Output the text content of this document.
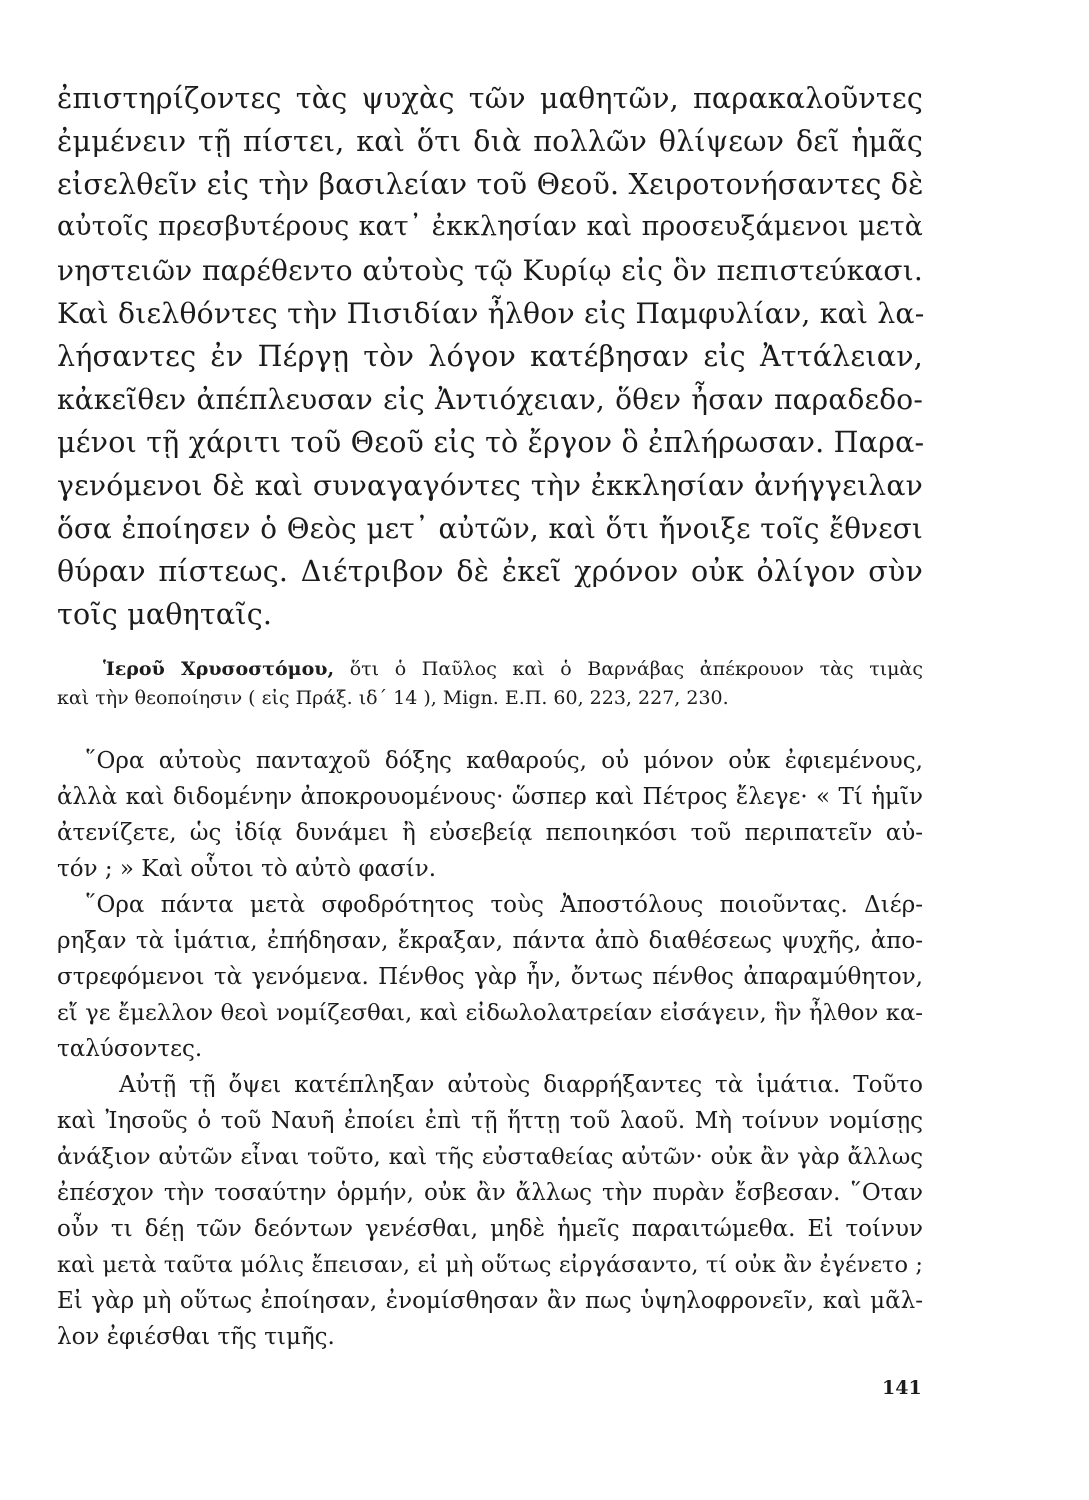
ἐπιστηρίζοντες τὰς ψυχὰς τῶν μαθητῶν, παρακαλοῦντες
ἐμμένειν τῇ πίστει, καὶ ὅτι διὰ πολλῶν θλίψεων δεῖ ἡμᾶς
εἰσελθεῖν εἰς τὴν βασιλείαν τοῦ Θεοῦ. Χειροτονήσαντες δὲ
αὐτοῖς πρεσβυτέρους κατ᾿ ἐκκλησίαν καὶ προσευξάμενοι μετὰ
νηστειῶν παρέθεντο αὐτοὺς τῷ Κυρίῳ εἰς ὃν πεπιστεύκασι.
Καὶ διελθόντες τὴν Πισιδίαν ἦλθον εἰς Παμφυλίαν, καὶ λα-
λήσαντες ἐν Πέργῃ τὸν λόγον κατέβησαν εἰς Ἀττάλειαν,
κἀκεῖθεν ἀπέπλευσαν εἰς Ἀντιόχειαν, ὅθεν ἦσαν παραδεδο-
μένοι τῇ χάριτι τοῦ Θεοῦ εἰς τὸ ἔργον ὃ ἐπλήρωσαν. Παρα-
γενόμενοι δὲ καὶ συναγαγόντες τὴν ἐκκλησίαν ἀνήγγειλαν
ὅσα ἐποίησεν ὁ Θεὸς μετ᾿ αὐτῶν, καὶ ὅτι ἤνοιξε τοῖς ἔθνεσι
θύραν πίστεως. Διέτριβον δὲ ἐκεῖ χρόνον οὐκ ὀλίγον σὺν
τοῖς μαθηταῖς.
Ἱεροῦ Χρυσοστόμου, ὅτι ὁ Παῦλος καὶ ὁ Βαρνάβας ἀπέκρουον τὰς τιμὰς
καὶ τὴν θεοποίησιν ( εἰς Πράξ. ιδ΄ 14 ), Mign. Ε.Π. 60, 223, 227, 230.
῞Ορα αὐτοὺς πανταχοῦ δόξης καθαρούς, οὐ μόνον οὐκ ἐφιεμένους,
ἀλλὰ καὶ διδομένην ἀποκρουομένους· ὥσπερ καὶ Πέτρος ἔλεγε· « Τί ἡμῖν
ἀτενίζετε, ὡς ἰδίᾳ δυνάμει ἢ εὐσεβείᾳ πεποιηκόσι τοῦ περιπατεῖν αὐ-
τόν ; » Καὶ οὗτοι τὸ αὐτὸ φασίν.
῞Ορα πάντα μετὰ σφοδρότητος τοὺς Ἀποστόλους ποιοῦντας. Διέρ-
ρηξαν τὰ ἱμάτια, ἐπήδησαν, ἔκραξαν, πάντα ἀπὸ διαθέσεως ψυχῆς, ἀπο-
στρεφόμενοι τὰ γενόμενα. Πένθος γὰρ ἦν, ὄντως πένθος ἀπαραμύθητον,
εἴ γε ἔμελλον θεοὶ νομίζεσθαι, καὶ εἰδωλολατρείαν εἰσάγειν, ἣν ἦλθον κα-
ταλύσοντες.
Αὐτῇ τῇ ὄψει κατέπληξαν αὐτοὺς διαρρήξαντες τὰ ἱμάτια. Τοῦτο
καὶ Ἰησοῦς ὁ τοῦ Ναυῆ ἐποίει ἐπὶ τῇ ἥττῃ τοῦ λαοῦ. Μὴ τοίνυν νομίσῃς
ἀνάξιον αὐτῶν εἶναι τοῦτο, καὶ τῆς εὐσταθείας αὐτῶν· οὐκ ἂν γὰρ ἄλλως
ἐπέσχον τὴν τοσαύτην ὁρμήν, οὐκ ἂν ἄλλως τὴν πυρὰν ἔσβεσαν. ῞Οταν
οὖν τι δέῃ τῶν δεόντων γενέσθαι, μηδὲ ἡμεῖς παραιτώμεθα. Εἰ τοίνυν
καὶ μετὰ ταῦτα μόλις ἔπεισαν, εἰ μὴ οὕτως εἰργάσαντο, τί οὐκ ἂν ἐγένετο ;
Εἰ γὰρ μὴ οὕτως ἐποίησαν, ἐνομίσθησαν ἂν πως ὑψηλοφρονεῖν, καὶ μᾶλ-
λον ἐφιέσθαι τῆς τιμῆς.
141
